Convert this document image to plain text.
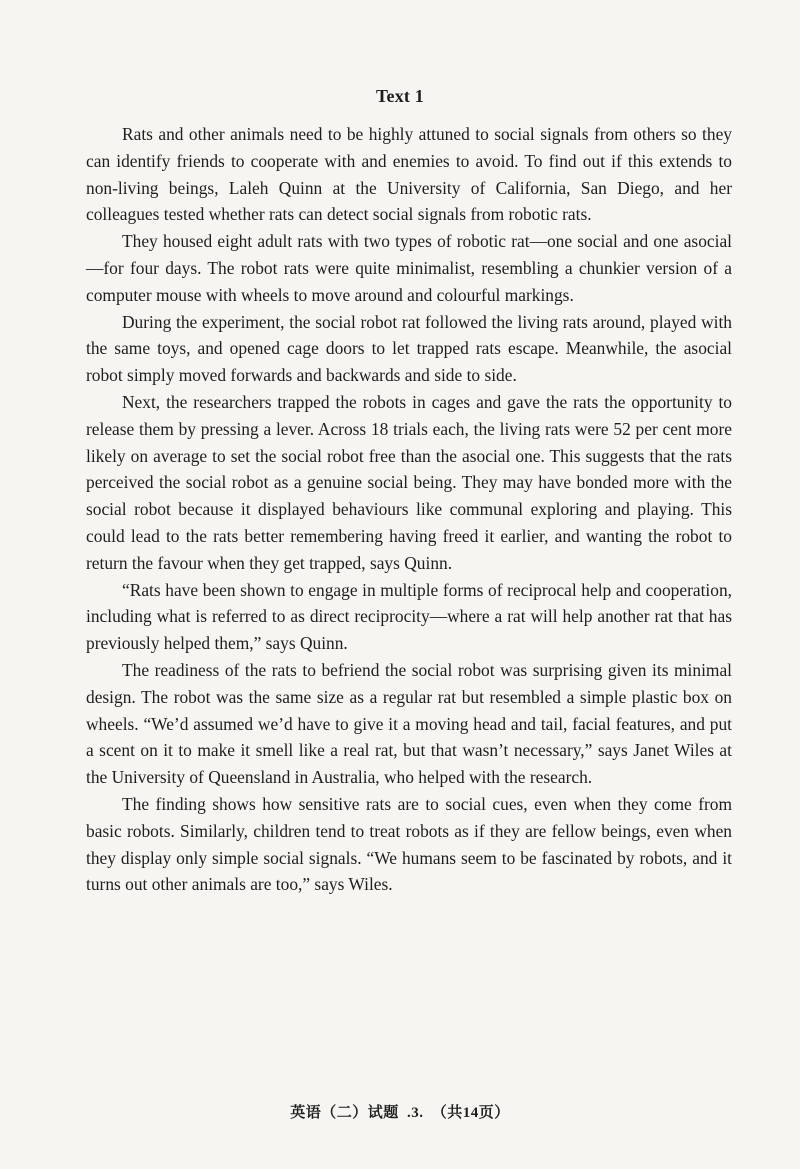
Text 1

Rats and other animals need to be highly attuned to social signals from others so they can identify friends to cooperate with and enemies to avoid. To find out if this extends to non-living beings, Laleh Quinn at the University of California, San Diego, and her colleagues tested whether rats can detect social signals from robotic rats.

They housed eight adult rats with two types of robotic rat—one social and one asocial—for four days. The robot rats were quite minimalist, resembling a chunkier version of a computer mouse with wheels to move around and colourful markings.

During the experiment, the social robot rat followed the living rats around, played with the same toys, and opened cage doors to let trapped rats escape. Meanwhile, the asocial robot simply moved forwards and backwards and side to side.

Next, the researchers trapped the robots in cages and gave the rats the opportunity to release them by pressing a lever. Across 18 trials each, the living rats were 52 per cent more likely on average to set the social robot free than the asocial one. This suggests that the rats perceived the social robot as a genuine social being. They may have bonded more with the social robot because it displayed behaviours like communal exploring and playing. This could lead to the rats better remembering having freed it earlier, and wanting the robot to return the favour when they get trapped, says Quinn.

“Rats have been shown to engage in multiple forms of reciprocal help and cooperation, including what is referred to as direct reciprocity—where a rat will help another rat that has previously helped them,” says Quinn.

The readiness of the rats to befriend the social robot was surprising given its minimal design. The robot was the same size as a regular rat but resembled a simple plastic box on wheels. “We’d assumed we’d have to give it a moving head and tail, facial features, and put a scent on it to make it smell like a real rat, but that wasn’t necessary,” says Janet Wiles at the University of Queensland in Australia, who helped with the research.

The finding shows how sensitive rats are to social cues, even when they come from basic robots. Similarly, children tend to treat robots as if they are fellow beings, even when they display only simple social signals. “We humans seem to be fascinated by robots, and it turns out other animals are too,” says Wiles.

英语（二）试题 .3. （共14页）
